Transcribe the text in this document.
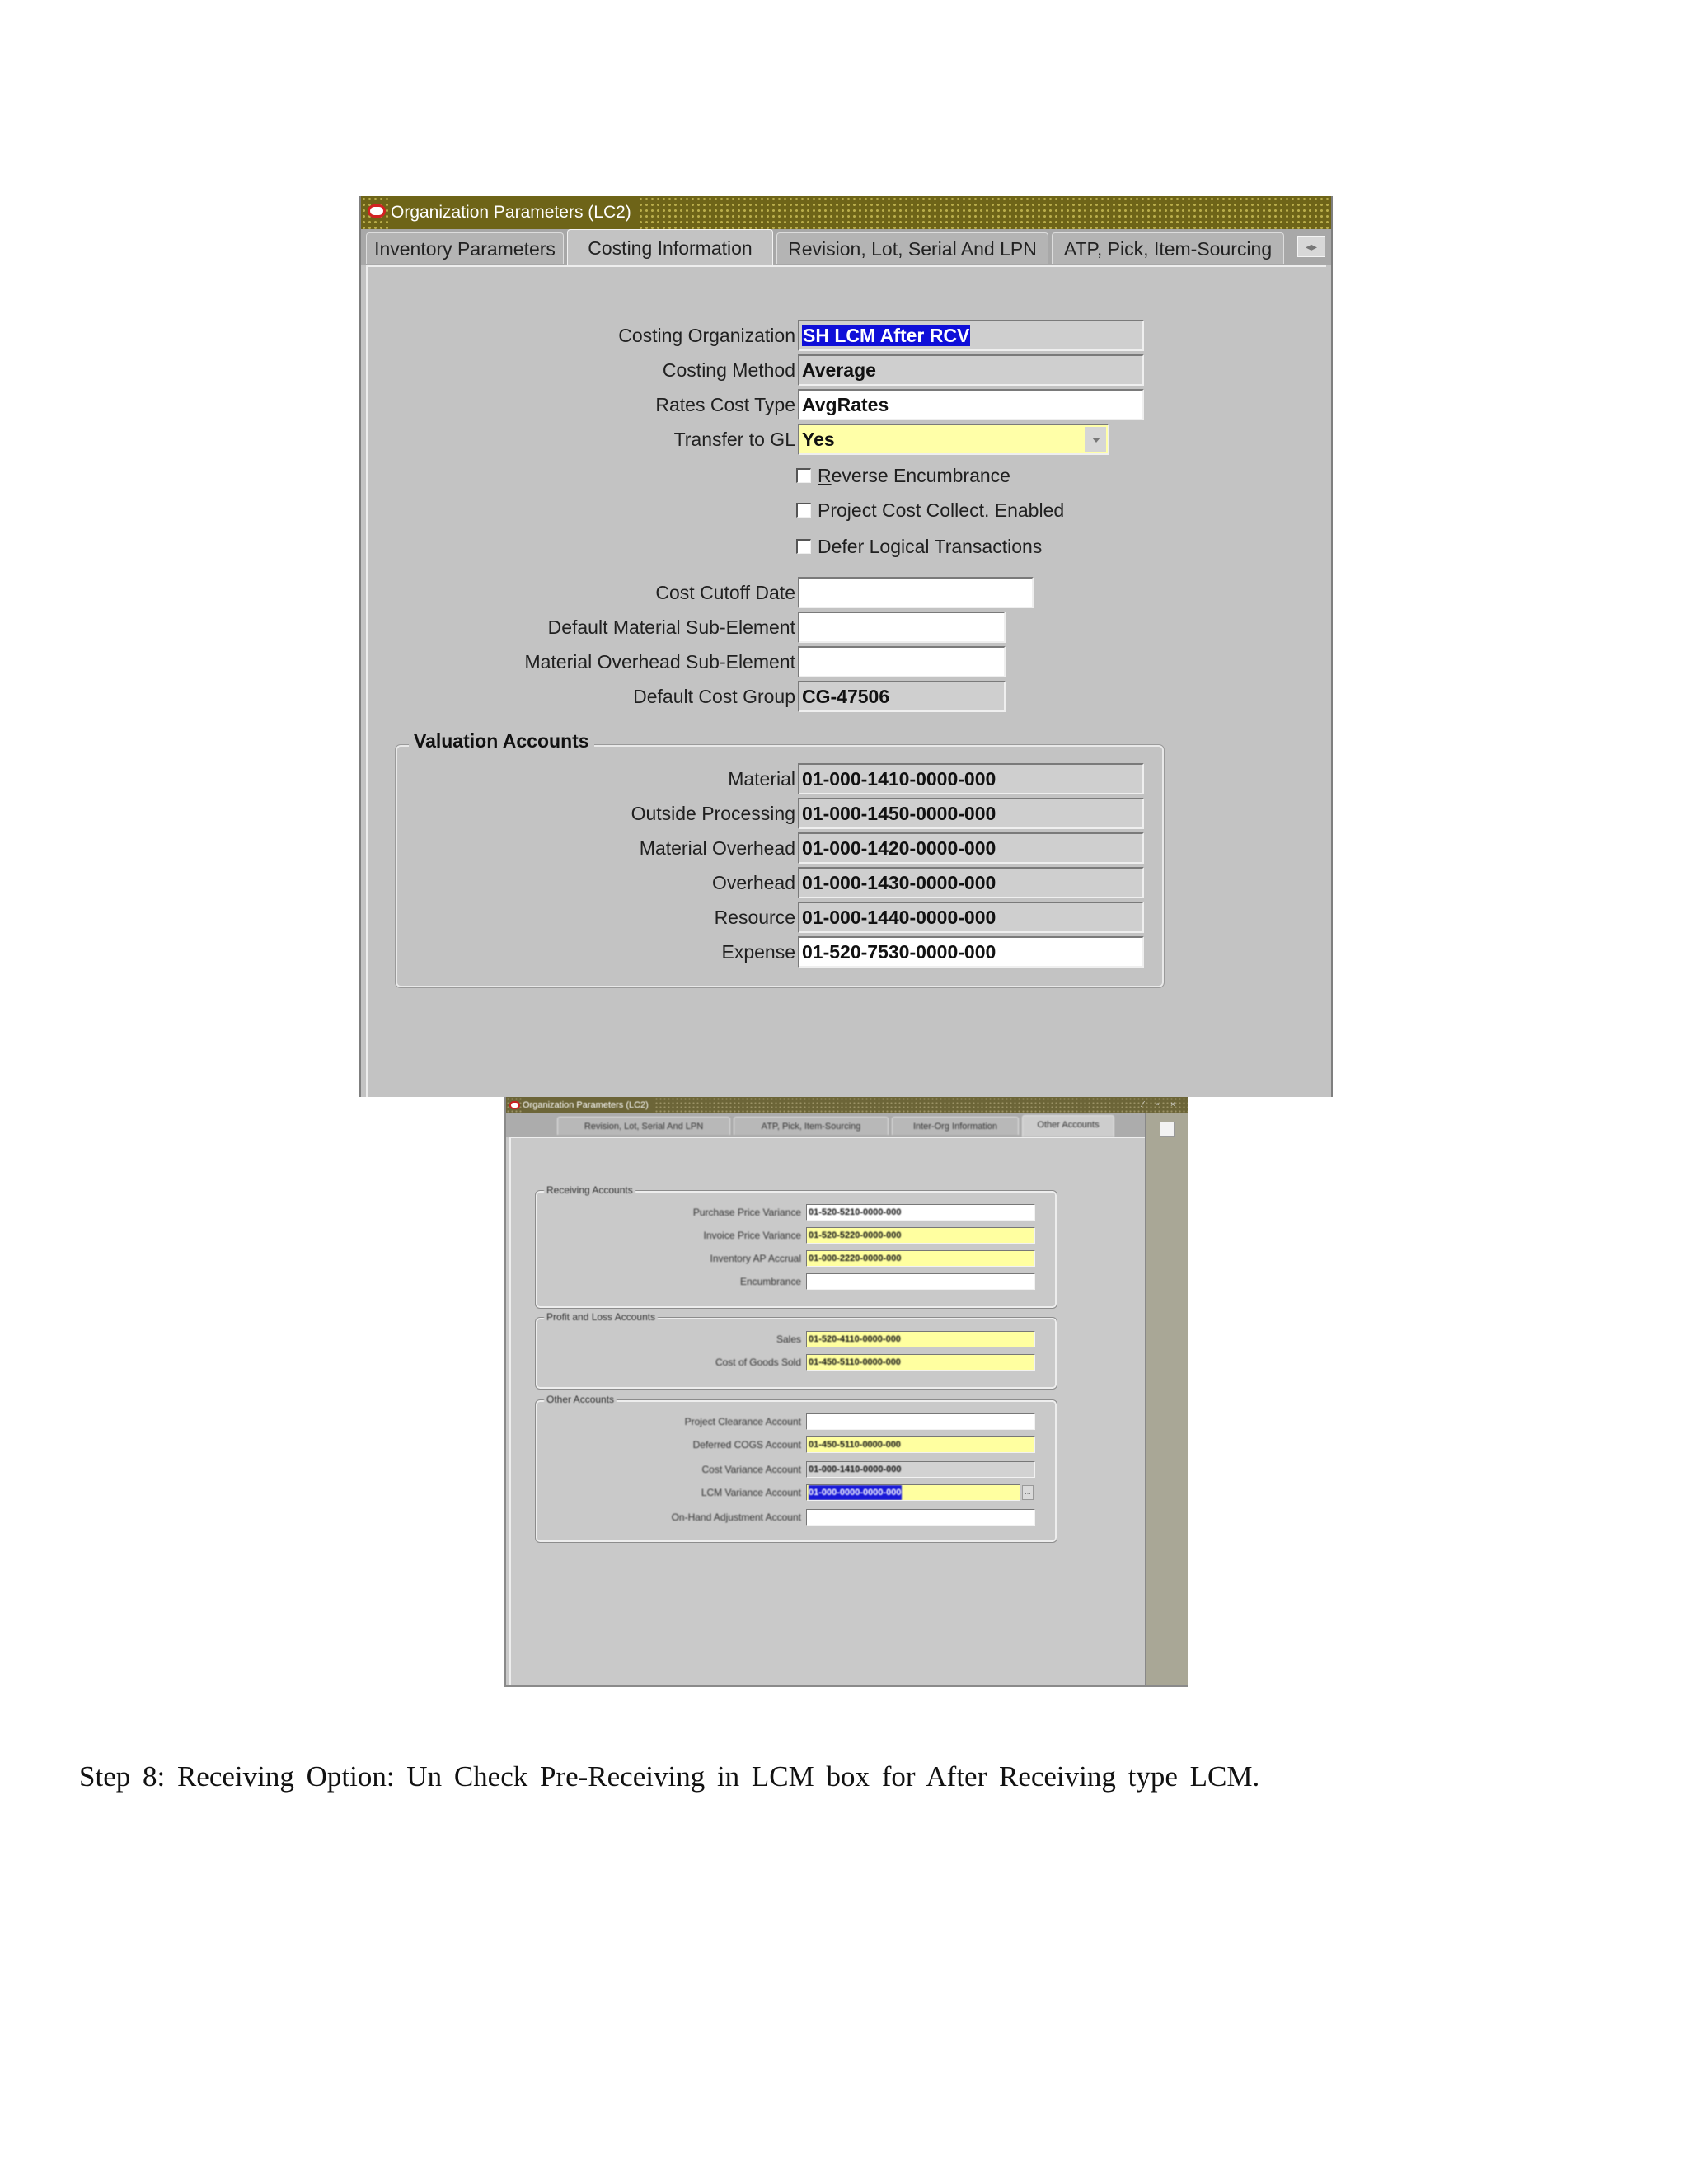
Organization Parameters (LC2)
Inventory Parameters	Costing Information	Revision, Lot, Serial And LPN	ATP, Pick, Item-Sourcing	◂▸
Costing Organization SH LCM After RCV
Costing Method Average
Rates Cost Type AvgRates
Transfer to GL Yes
Reverse Encumbrance
Project Cost Collect. Enabled
Defer Logical Transactions
Cost Cutoff Date
Default Material Sub-Element
Material Overhead Sub-Element
Default Cost Group CG-47506
Valuation Accounts
Material 01-000-1410-0000-000
Outside Processing 01-000-1450-0000-000
Material Overhead 01-000-1420-0000-000
Overhead 01-000-1430-0000-000
Resource 01-000-1440-0000-000
Expense 01-520-7530-0000-000
Organization Parameters (LC2)	⁄	▫	×
Revision, Lot, Serial And LPN	ATP, Pick, Item-Sourcing	Inter-Org Information	Other Accounts
Receiving Accounts
Purchase Price Variance 01-520-5210-0000-000
Invoice Price Variance 01-520-5220-0000-000
Inventory AP Accrual 01-000-2220-0000-000
Encumbrance
Profit and Loss Accounts
Sales 01-520-4110-0000-000
Cost of Goods Sold 01-450-5110-0000-000
Other Accounts
Project Clearance Account
Deferred COGS Account 01-450-5110-0000-000
Cost Variance Account 01-000-1410-0000-000
LCM Variance Account 01-000-0000-0000-000	…
On-Hand Adjustment Account
Step 8: Receiving Option: Un Check Pre-Receiving in LCM box for After Receiving type LCM.
